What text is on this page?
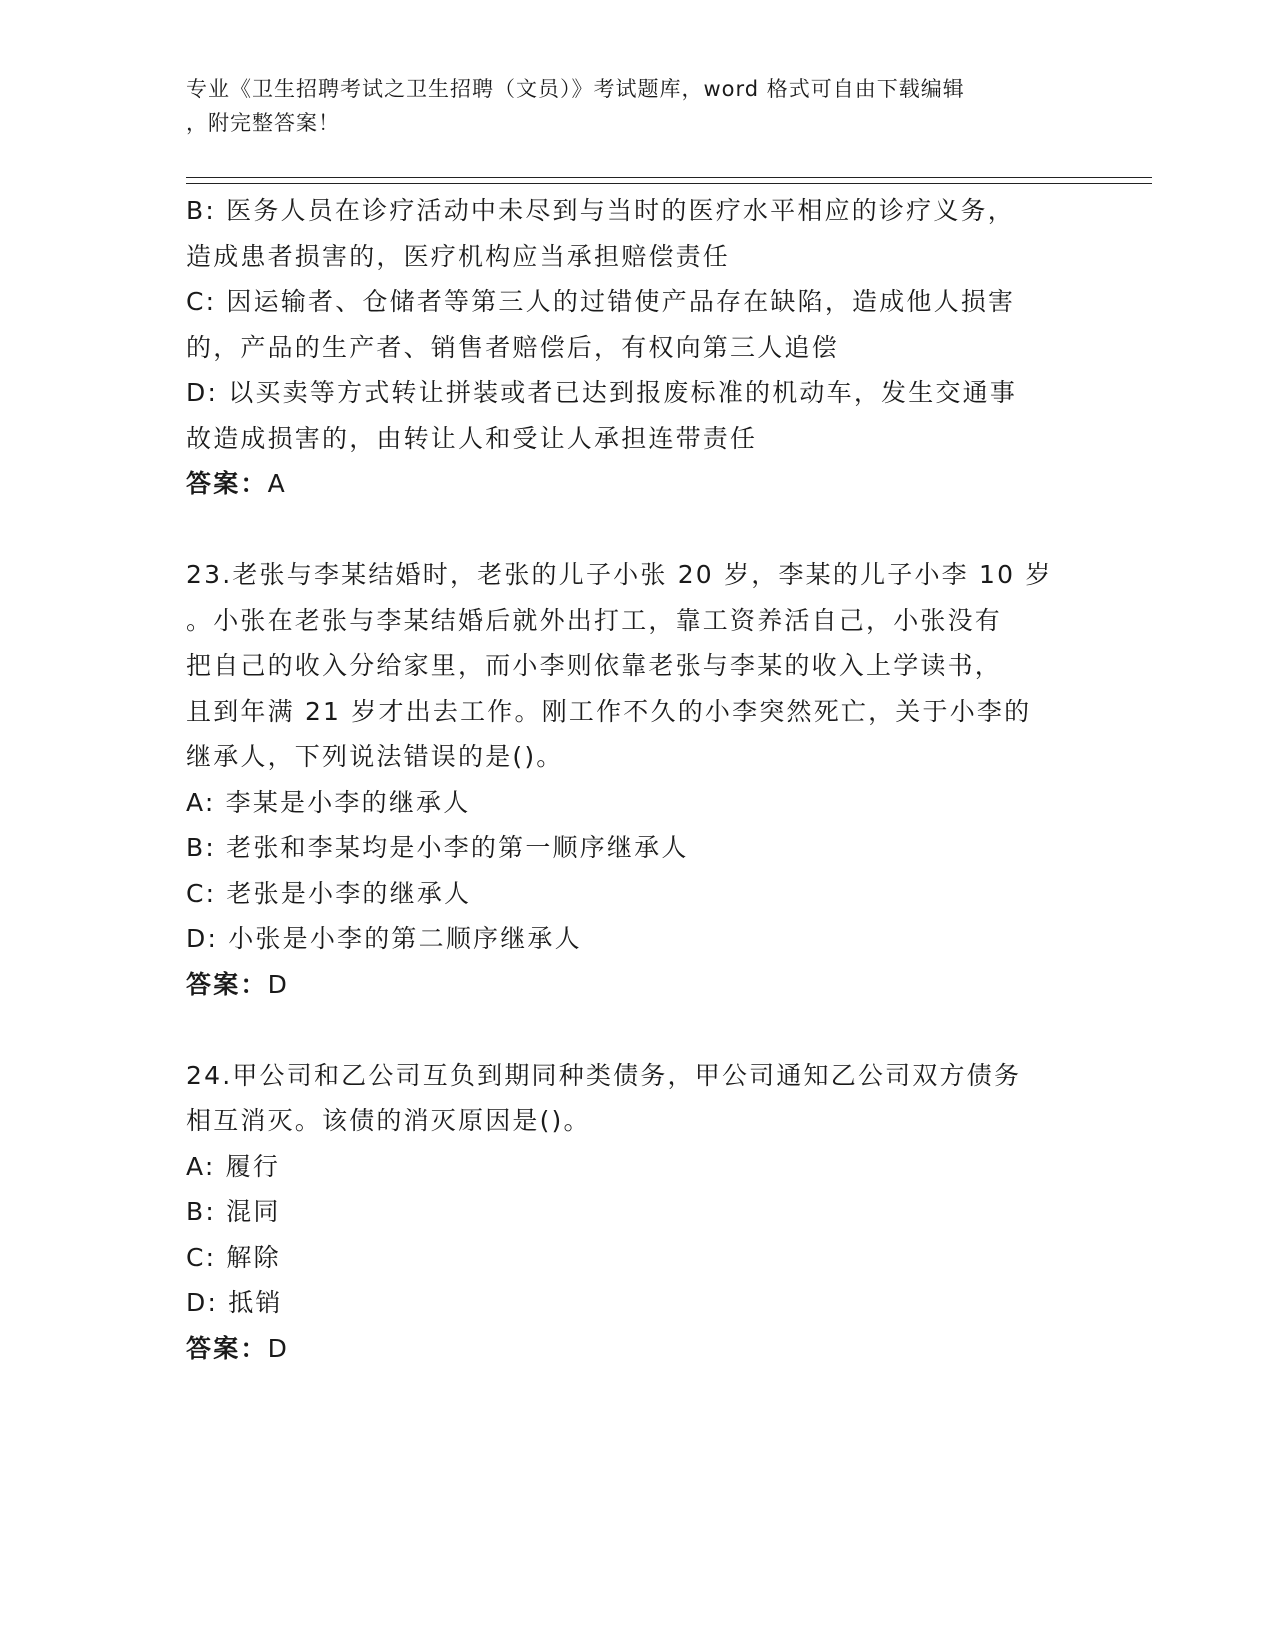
专业《卫生招聘考试之卫生招聘（文员）》考试题库，word 格式可自由下载编辑
，附完整答案！
B: 医务人员在诊疗活动中未尽到与当时的医疗水平相应的诊疗义务，
造成患者损害的，医疗机构应当承担赔偿责任
C: 因运输者、仓储者等第三人的过错使产品存在缺陷，造成他人损害
的，产品的生产者、销售者赔偿后，有权向第三人追偿
D: 以买卖等方式转让拼装或者已达到报废标准的机动车，发生交通事
故造成损害的，由转让人和受让人承担连带责任
答案：A
23.老张与李某结婚时，老张的儿子小张 20 岁，李某的儿子小李 10 岁
。小张在老张与李某结婚后就外出打工，靠工资养活自己，小张没有
把自己的收入分给家里，而小李则依靠老张与李某的收入上学读书，
且到年满 21 岁才出去工作。刚工作不久的小李突然死亡，关于小李的
继承人，下列说法错误的是()。
A: 李某是小李的继承人
B: 老张和李某均是小李的第一顺序继承人
C: 老张是小李的继承人
D: 小张是小李的第二顺序继承人
答案：D
24.甲公司和乙公司互负到期同种类债务，甲公司通知乙公司双方债务
相互消灭。该债的消灭原因是()。
A: 履行
B: 混同
C: 解除
D: 抵销
答案：D
